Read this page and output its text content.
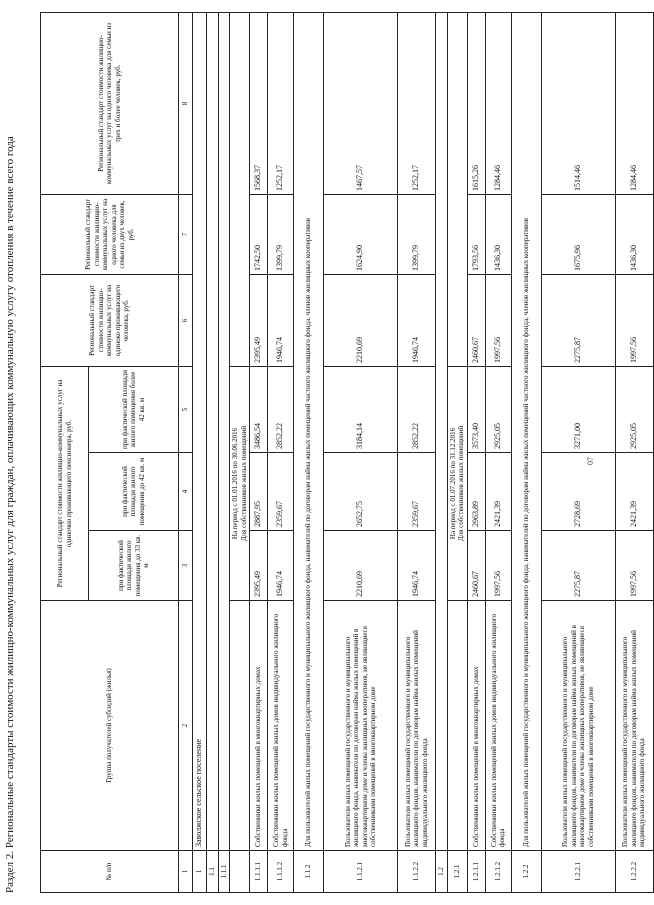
07
Раздел 2. Региональные стандарты стоимости жилищно-коммунальных услуг для граждан, оплачивающих коммунальную услугу отопления в течение всего года	№ п/п	Группа получателей субсидий (жилья)	Региональный стандарт стоимости жилищно-коммунальных услуг на одиночно проживающего пенсионера, руб.			Региональный стандарт стоимости жилищно-коммунальных услуг на одиноко проживающего человека, руб.	Региональный стандарт стоимости жилищно-коммунальных услуг на одного человека для семьи из двух человек, руб.	Региональный стандарт стоимости жилищно-коммунальных услуг на одного человека для семьи из трех и более человек, руб.
		при фактической площади жилого помещения до 33 кв. м	при фактической площади жилого помещения до 42 кв. м	при фактической площади жилого помещения более 42 кв. м			
1	2	3	4	5	6	7	8
1	Заволжское сельское поселение						
1.1							
1.1.1							

		На период с 01.01.2016 по 30.06.2016 Для собственников жилых помещений					

1.1.1.1	Собственники жилых помещений в многоквартирных домах	2395,49	2887,95	3486,54	2395,49	1742,50	1568,37
1.1.1.2	Собственники жилых помещений жилых домов индивидуального жилищного фонда	1946,74	2359,67	2852,22	1946,74	1399,79	1252,17
1.1.2	Для пользователей жилых помещений государственного и муниципального жилищного фонда, нанимателей по договорам найма жилых помещений частного жилищного фонда, членов жилищных кооперативов						
1.1.2.1	Пользователи жилых помещений государственного и муниципального жилищного фонда, наниматели по договорам найма жилых помещений в многоквартирном доме и члены жилищных кооперативов, не являющиеся собственниками помещений в многоквартирном доме	2210,69	2652,75	3184,14	2210,69	1624,90	1467,57
1.1.2.2	Пользователи жилых помещений государственного и муниципального жилищного фондов, наниматели по договорам найма жилых помещений индивидуального жилищного фонда	1946,74	2359,67	2852,22	1946,74	1399,79	1252,17
1.2							
1.2.1		На период с 01.07.2016 по 31.12.2016 Для собственников жилых помещений					

1.2.1.1	Собственники жилых помещений в многоквартирных домах	2460,67	2963,89	3573,40	2460,67	1793,56	1615,26
1.2.1.2	Собственники жилых помещений жилых домов индивидуального жилищного фонда	1997,56	2421,39	2925,05	1997,56	1436,30	1284,46
1.2.2	Для пользователей жилых помещений государственного и муниципального жилищного фонда, нанимателей по договорам найма жилых помещений частного жилищного фонда, членов жилищных кооперативов						
1.2.2.1	Пользователи жилых помещений государственного и муниципального жилищного фондов, наниматели по договорам найма жилых помещений в многоквартирном доме и члены жилищных кооперативов, не являющиеся собственниками помещений в многоквартирном доме	2275,87	2728,69	3271,00	2275,87	1675,96	1514,46
1.2.2.2	Пользователи жилых помещений государственного и муниципального жилищного фондов, наниматели по договорам найма жилых помещений индивидуального жилищного фонда	1997,56	2421,39	2925,05	1997,56	1436,30	1284,46
